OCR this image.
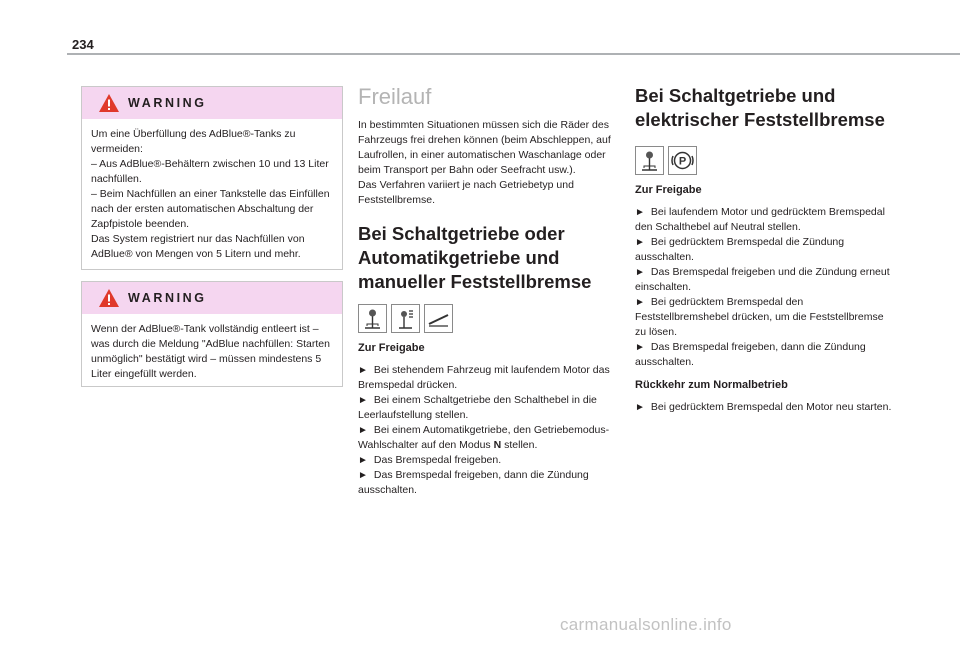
234
WARNING

Um eine Überfüllung des AdBlue®-Tanks zu vermeiden:

– Aus AdBlue®-Behältern zwischen 10 und 13 Liter nachfüllen.

– Beim Nachfüllen an einer Tankstelle das Einfüllen nach der ersten automatischen Abschaltung der Zapfpistole beenden.

Das System registriert nur das Nachfüllen von AdBlue® von Mengen von 5 Litern und mehr.

WARNING

Wenn der AdBlue®-Tank vollständig entleert ist – was durch die Meldung "AdBlue nachfüllen: Starten unmöglich" bestätigt wird – müssen mindestens 5 Liter eingefüllt werden.

Freilauf

In bestimmten Situationen müssen sich die Räder des Fahrzeugs frei drehen können (beim Abschleppen, auf Laufrollen, in einer automatischen Waschanlage oder beim Transport per Bahn oder Seefracht usw.).

Das Verfahren variiert je nach Getriebetyp und Feststellbremse.

Bei Schaltgetriebe oder Automatikgetriebe und manueller Feststellbremse

Zur Freigabe

► Bei stehendem Fahrzeug mit laufendem Motor das Bremspedal drücken.

► Bei einem Schaltgetriebe den Schalthebel in die Leerlaufstellung stellen.

► Bei einem Automatikgetriebe, den Getriebemodus-Wahlschalter auf den Modus N stellen.

► Das Bremspedal freigeben.

► Das Bremspedal freigeben, dann die Zündung ausschalten.

Bei Schaltgetriebe und elektrischer Feststellbremse
P

Zur Freigabe

► Bei laufendem Motor und gedrücktem Bremspedal den Schalthebel auf Neutral stellen.

► Bei gedrücktem Bremspedal die Zündung ausschalten.

► Das Bremspedal freigeben und die Zündung erneut einschalten.

► Bei gedrücktem Bremspedal den Feststellbremshebel drücken, um die Feststellbremse zu lösen.

► Das Bremspedal freigeben, dann die Zündung ausschalten.

Rückkehr zum Normalbetrieb

► Bei gedrücktem Bremspedal den Motor neu starten.

carmanualsonline.info
